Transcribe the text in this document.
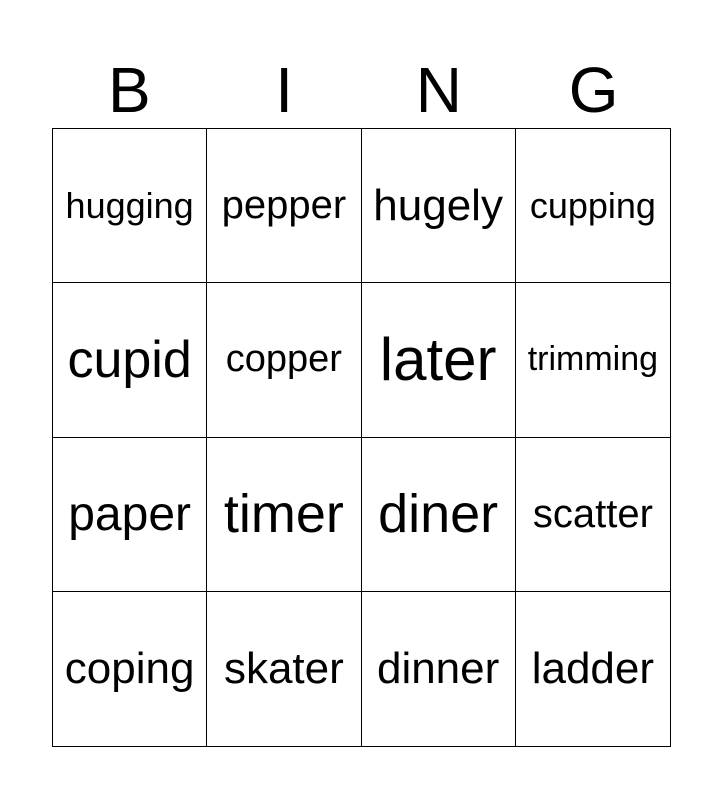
B	I	N	G
hugging pepper hugely cupping
cupid copper later trimming
paper timer diner scatter
coping skater dinner ladder
